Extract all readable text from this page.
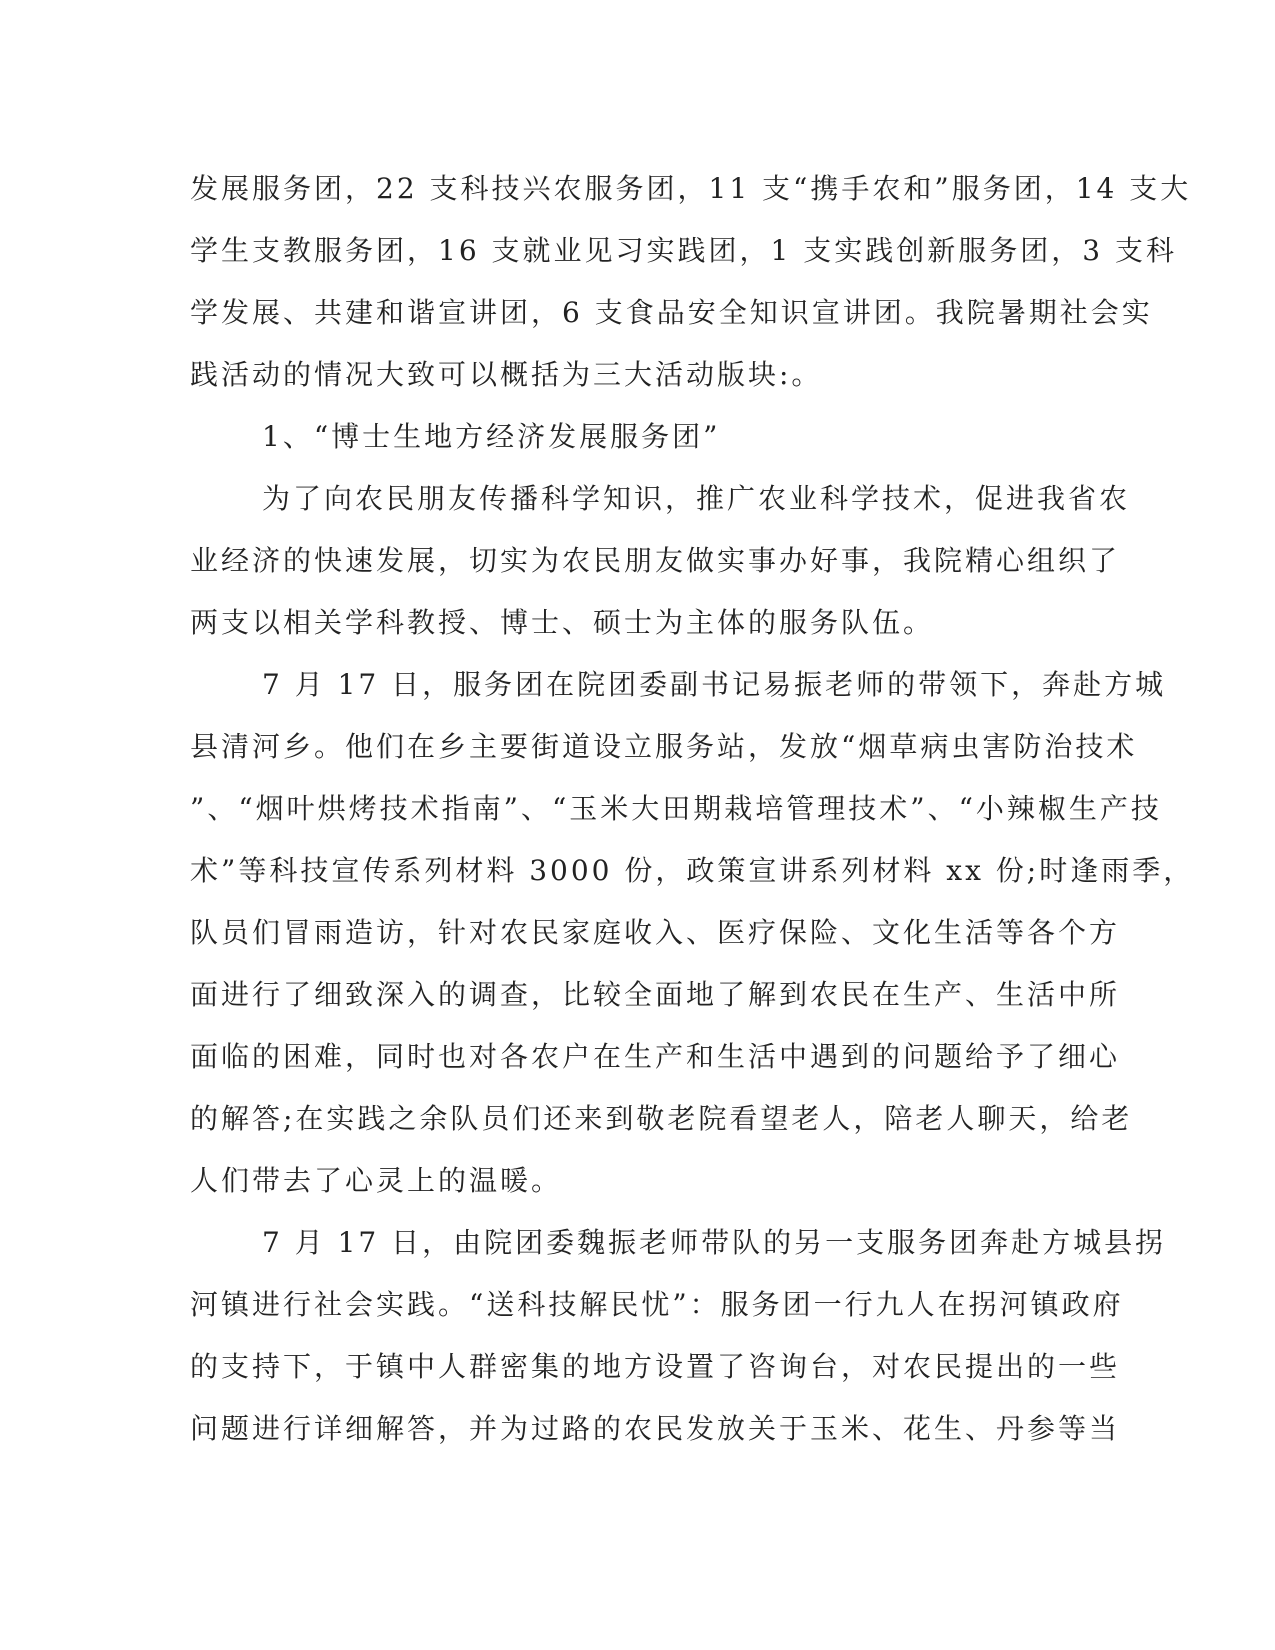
发展服务团，22 支科技兴农服务团，11 支“携手农和”服务团，14 支大
学生支教服务团，16 支就业见习实践团，1 支实践创新服务团，3 支科
学发展、共建和谐宣讲团，6 支食品安全知识宣讲团。我院暑期社会实
践活动的情况大致可以概括为三大活动版块:。
1、“博士生地方经济发展服务团”
为了向农民朋友传播科学知识，推广农业科学技术，促进我省农
业经济的快速发展，切实为农民朋友做实事办好事，我院精心组织了
两支以相关学科教授、博士、硕士为主体的服务队伍。
7 月 17 日，服务团在院团委副书记易振老师的带领下，奔赴方城
县清河乡。他们在乡主要街道设立服务站，发放“烟草病虫害防治技术
”、“烟叶烘烤技术指南”、“玉米大田期栽培管理技术”、“小辣椒生产技
术”等科技宣传系列材料 3000 份，政策宣讲系列材料 xx 份;时逢雨季，
队员们冒雨造访，针对农民家庭收入、医疗保险、文化生活等各个方
面进行了细致深入的调查，比较全面地了解到农民在生产、生活中所
面临的困难，同时也对各农户在生产和生活中遇到的问题给予了细心
的解答;在实践之余队员们还来到敬老院看望老人，陪老人聊天，给老
人们带去了心灵上的温暖。
7 月 17 日，由院团委魏振老师带队的另一支服务团奔赴方城县拐
河镇进行社会实践。“送科技解民忧”：服务团一行九人在拐河镇政府
的支持下，于镇中人群密集的地方设置了咨询台，对农民提出的一些
问题进行详细解答，并为过路的农民发放关于玉米、花生、丹参等当
